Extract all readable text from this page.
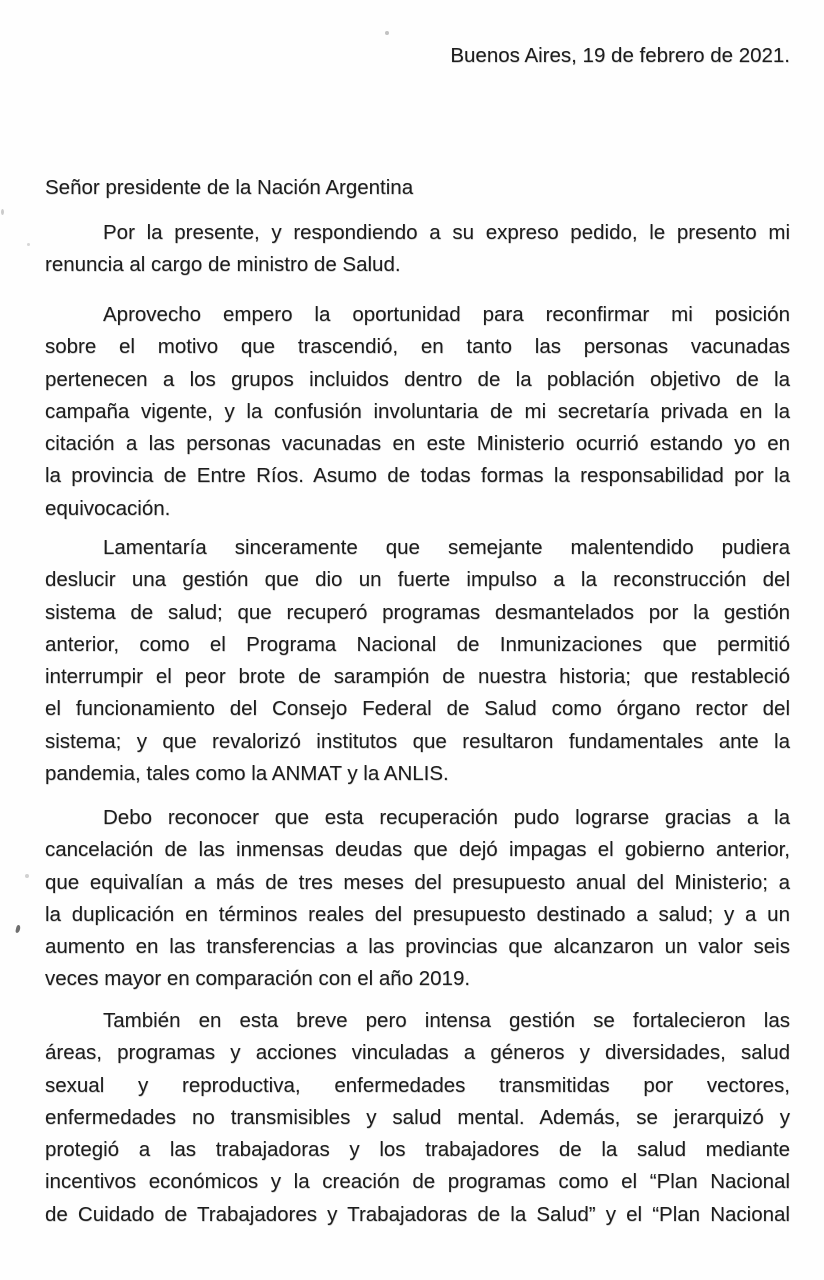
Buenos Aires, 19 de febrero de 2021.
Señor presidente de la Nación Argentina
Por la presente, y respondiendo a su expreso pedido, le presento mi
renuncia al cargo de ministro de Salud.
Aprovecho empero la oportunidad para reconfirmar mi posición
sobre el motivo que trascendió, en tanto las personas vacunadas
pertenecen a los grupos incluidos dentro de la población objetivo de la
campaña vigente, y la confusión involuntaria de mi secretaría privada en la
citación a las personas vacunadas en este Ministerio ocurrió estando yo en
la provincia de Entre Ríos. Asumo de todas formas la responsabilidad por la
equivocación.
Lamentaría sinceramente que semejante malentendido pudiera
deslucir una gestión que dio un fuerte impulso a la reconstrucción del
sistema de salud; que recuperó programas desmantelados por la gestión
anterior, como el Programa Nacional de Inmunizaciones que permitió
interrumpir el peor brote de sarampión de nuestra historia; que restableció
el funcionamiento del Consejo Federal de Salud como órgano rector del
sistema; y que revalorizó institutos que resultaron fundamentales ante la
pandemia, tales como la ANMAT y la ANLIS.
Debo reconocer que esta recuperación pudo lograrse gracias a la
cancelación de las inmensas deudas que dejó impagas el gobierno anterior,
que equivalían a más de tres meses del presupuesto anual del Ministerio; a
la duplicación en términos reales del presupuesto destinado a salud; y a un
aumento en las transferencias a las provincias que alcanzaron un valor seis
veces mayor en comparación con el año 2019.
También en esta breve pero intensa gestión se fortalecieron las
áreas, programas y acciones vinculadas a géneros y diversidades, salud
sexual y reproductiva, enfermedades transmitidas por vectores,
enfermedades no transmisibles y salud mental. Además, se jerarquizó y
protegió a las trabajadoras y los trabajadores de la salud mediante
incentivos económicos y la creación de programas como el “Plan Nacional
de Cuidado de Trabajadores y Trabajadoras de la Salud” y el “Plan Nacional
